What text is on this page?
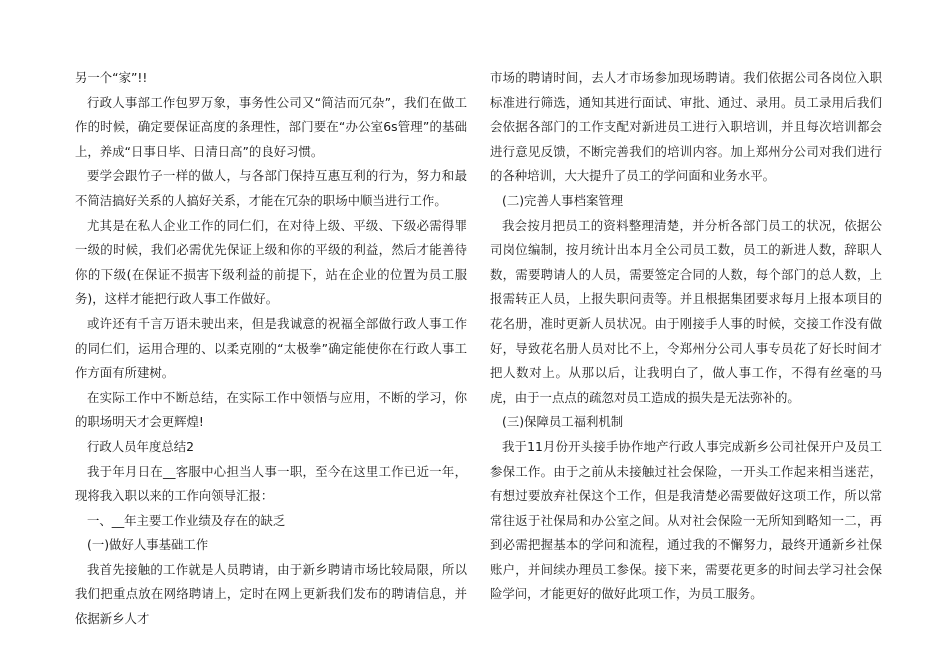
另一个“家”!!

行政人事部工作包罗万象，事务性公司又“简洁而冗杂”，我们在做工作的时候，确定要保证高度的条理性，部门要在“办公室6s管理”的基础上，养成“日事日毕、日清日高”的良好习惯。

要学会跟竹子一样的做人，与各部门保持互惠互利的行为，努力和最不简洁搞好关系的人搞好关系，才能在冗杂的职场中顺当进行工作。

尤其是在私人企业工作的同仁们，在对待上级、平级、下级必需得罪一级的时候，我们必需优先保证上级和你的平级的利益，然后才能善待你的下级(在保证不损害下级利益的前提下，站在企业的位置为员工服务)，这样才能把行政人事工作做好。

或许还有千言万语未驶出来，但是我诚意的祝福全部做行政人事工作的同仁们，运用合理的、以柔克刚的“太极拳”确定能使你在行政人事工作方面有所建树。

在实际工作中不断总结，在实际工作中领悟与应用，不断的学习，你的职场明天才会更辉煌!

行政人员年度总结2

我于年月日在__客服中心担当人事一职，至今在这里工作已近一年，现将我入职以来的工作向领导汇报：

一、__年主要工作业绩及存在的缺乏

(一)做好人事基础工作

我首先接触的工作就是人员聘请，由于新乡聘请市场比较局限，所以我们把重点放在网络聘请上，定时在网上更新我们发布的聘请信息，并依据新乡人才

市场的聘请时间，去人才市场参加现场聘请。我们依据公司各岗位入职标准进行筛选，通知其进行面试、审批、通过、录用。员工录用后我们会依据各部门的工作支配对新进员工进行入职培训，并且每次培训都会进行意见反馈，不断完善我们的培训内容。加上郑州分公司对我们进行的各种培训，大大提升了员工的学问面和业务水平。

(二)完善人事档案管理

我会按月把员工的资料整理清楚，并分析各部门员工的状况，依据公司岗位编制，按月统计出本月全公司员工数，员工的新进人数，辞职人数，需要聘请人的人员，需要签定合同的人数，每个部门的总人数，上报需转正人员，上报失职问责等。并且根据集团要求每月上报本项目的花名册，准时更新人员状况。由于刚接手人事的时候，交接工作没有做好，导致花名册人员对比不上，令郑州分公司人事专员花了好长时间才把人数对上。从那以后，让我明白了，做人事工作，不得有丝毫的马虎，由于一点点的疏忽对员工造成的损失是无法弥补的。

(三)保障员工福利机制

我于11月份开头接手协作地产行政人事完成新乡公司社保开户及员工参保工作。由于之前从未接触过社会保险，一开头工作起来相当迷茫，有想过要放弃社保这个工作，但是我清楚必需要做好这项工作，所以常常往返于社保局和办公室之间。从对社会保险一无所知到略知一二，再到必需把握基本的学问和流程，通过我的不懈努力，最终开通新乡社保账户，并间续办理员工参保。接下来，需要花更多的时间去学习社会保险学问，才能更好的做好此项工作，为员工服务。
